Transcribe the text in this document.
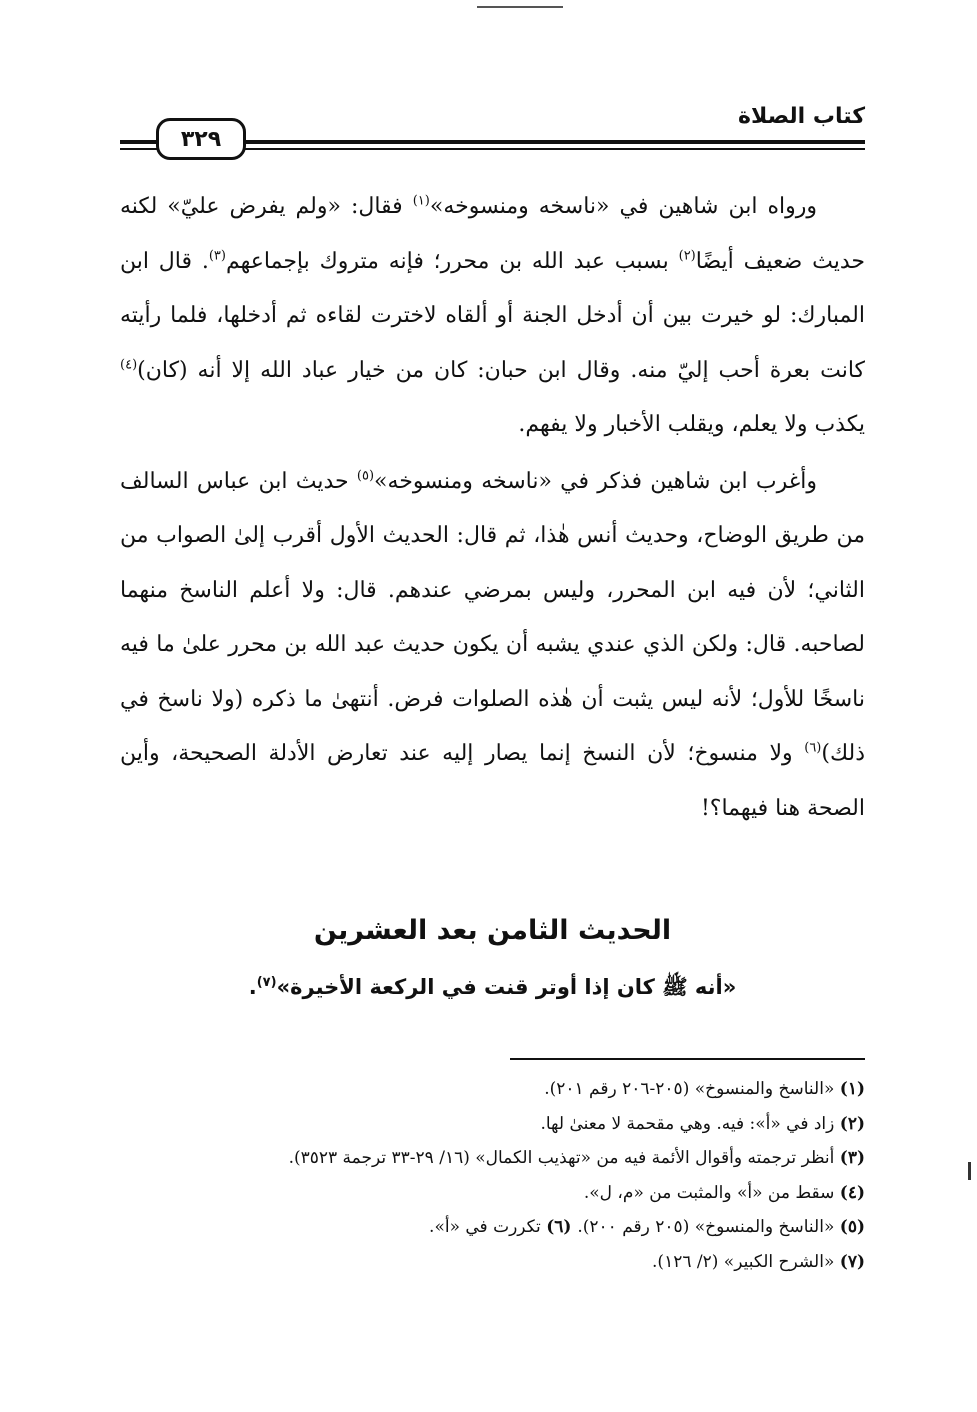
كتاب الصلاة
٣٢٩

ورواه ابن شاهين في «ناسخه ومنسوخه»$^{(١)}$ فقال: «ولم يفرض عليّ» لكنه حديث ضعيف أيضًا$^{(٢)}$ بسبب عبد الله بن محرر؛ فإنه متروك بإجماعهم$^{(٣)}$. قال ابن المبارك: لو خيرت بين أن أدخل الجنة أو ألقاه لاخترت لقاءه ثم أدخلها، فلما رأيته كانت بعرة أحب إليّ منه. وقال ابن حبان: كان من خيار عباد الله إلا أنه (كان)$^{(٤)}$ يكذب ولا يعلم، ويقلب الأخبار ولا يفهم.

وأغرب ابن شاهين فذكر في «ناسخه ومنسوخه»$^{(٥)}$ حديث ابن عباس السالف من طريق الوضاح، وحديث أنس هٰذا، ثم قال: الحديث الأول أقرب إلىٰ الصواب من الثاني؛ لأن فيه ابن المحرر، وليس بمرضي عندهم. قال: ولا أعلم الناسخ منهما لصاحبه. قال: ولكن الذي عندي يشبه أن يكون حديث عبد الله بن محرر علىٰ ما فيه ناسخًا للأول؛ لأنه ليس يثبت أن هٰذه الصلوات فرض. أنتهىٰ ما ذكره (ولا ناسخ في ذلك)$^{(٦)}$ ولا منسوخ؛ لأن النسخ إنما يصار إليه عند تعارض الأدلة الصحيحة، وأين الصحة هنا فيهما؟!

الحديث الثامن بعد العشرين
«أنه ﷺ كان إذا أوتر قنت في الركعة الأخيرة»$^{(٧)}$.
(١) «الناسخ والمنسوخ» (٢٠٥-٢٠٦ رقم ٢٠١).
(٢) زاد في «أ»: فيه. وهي مقحمة لا معنىٰ لها.
(٣) أنظر ترجمته وأقوال الأئمة فيه من «تهذيب الكمال» (١٦/ ٢٩-٣٣ ترجمة ٣٥٢٣).
(٤) سقط من «أ» والمثبت من «م، ل».
(٥) «الناسخ والمنسوخ» (٢٠٥ رقم ٢٠٠). (٦) تكررت في «أ».
(٧) «الشرح الكبير» (٢/ ١٢٦).
